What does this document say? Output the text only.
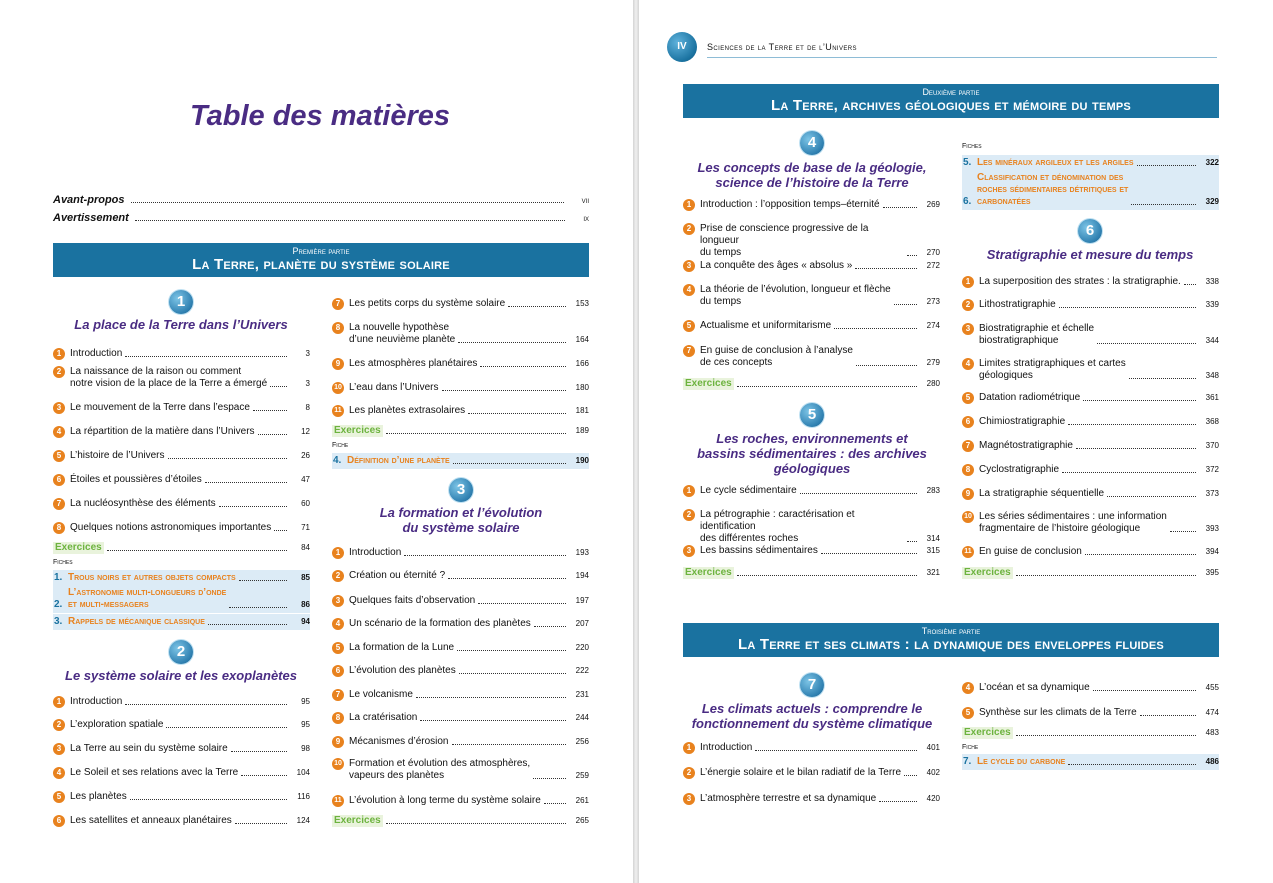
Table des matières
Avant-propos	vii
Avertissement	ix
Première partie
La Terre, planète du système solaire
IV	Sciences de la Terre et de l’Univers
Deuxième partie
La Terre, archives géologiques et mémoire du temps
Troisième partie
La Terre et ses climats : la dynamique des enveloppes fluides
1
La place de la Terre dans l’Univers
1 Introduction	3
2 La naissance de la raison ou comment
notre vision de la place de la Terre a émergé	3
3 Le mouvement de la Terre dans l’espace	8
4 La répartition de la matière dans l’Univers	12
5 L’histoire de l’Univers	26
6 Étoiles et poussières d’étoiles	47
7 La nucléosynthèse des éléments	60
8 Quelques notions astronomiques importantes	71
Exercices	84
Fiches
1. Trous noirs et autres objets compacts	85
2.
L’astronomie multi-longueurs d’onde
et multi-messagers	86
3. Rappels de mécanique classique	94
2
Le système solaire et les exoplanètes
1 Introduction	95
2 L’exploration spatiale	95
3 La Terre au sein du système solaire	98
4 Le Soleil et ses relations avec la Terre	104
5 Les planètes	116
6 Les satellites et anneaux planétaires	124
7 Les petits corps du système solaire	153
8 La nouvelle hypothèse
d’une neuvième planète	164
9 Les atmosphères planétaires	166
10 L’eau dans l’Univers	180
11 Les planètes extrasolaires	181
Exercices	189
Fiche
4. Définition d’une planète	190
3
La formation et l’évolution
du système solaire
1 Introduction	193
2 Création ou éternité ?	194
3 Quelques faits d’observation	197
4 Un scénario de la formation des planètes	207
5 La formation de la Lune	220
6 L’évolution des planètes	222
7 Le volcanisme	231
8 La cratérisation	244
9 Mécanismes d’érosion	256
10 Formation et évolution des atmosphères,
vapeurs des planètes	259
11 L’évolution à long terme du système solaire	261
Exercices	265
4
Les concepts de base de la géologie,
science de l’histoire de la Terre
1 Introduction : l’opposition temps–éternité	269
2 Prise de conscience progressive de la longueur
du temps	270
3 La conquête des âges « absolus »	272
4 La théorie de l’évolution, longueur et flèche
du temps	273
5 Actualisme et uniformitarisme	274
7 En guise de conclusion à l’analyse
de ces concepts	279
Exercices	280
5
Les roches, environnements et
bassins sédimentaires : des archives
géologiques
1 Le cycle sédimentaire	283
2 La pétrographie : caractérisation et identification
des différentes roches	314
3 Les bassins sédimentaires	315
Exercices	321
Fiches
5. Les minéraux argileux et les argiles	322
6.
Classification et dénomination des
roches sédimentaires détritiques et
carbonatées	329
6
Stratigraphie et mesure du temps
1 La superposition des strates : la stratigraphie.	338
2 Lithostratigraphie	339
3 Biostratigraphie et échelle
biostratigraphique	344
4 Limites stratigraphiques et cartes
géologiques	348
5 Datation radiométrique	361
6 Chimiostratigraphie	368
7 Magnétostratigraphie	370
8 Cyclostratigraphie	372
9 La stratigraphie séquentielle	373
10 Les séries sédimentaires : une information
fragmentaire de l’histoire géologique	393
11 En guise de conclusion	394
Exercices	395
7
Les climats actuels : comprendre le
fonctionnement du système climatique
1 Introduction	401
2 L’énergie solaire et le bilan radiatif de la Terre	402
3 L’atmosphère terrestre et sa dynamique	420
4 L’océan et sa dynamique	455
5 Synthèse sur les climats de la Terre	474
Exercices	483
Fiche
7. Le cycle du carbone	486
